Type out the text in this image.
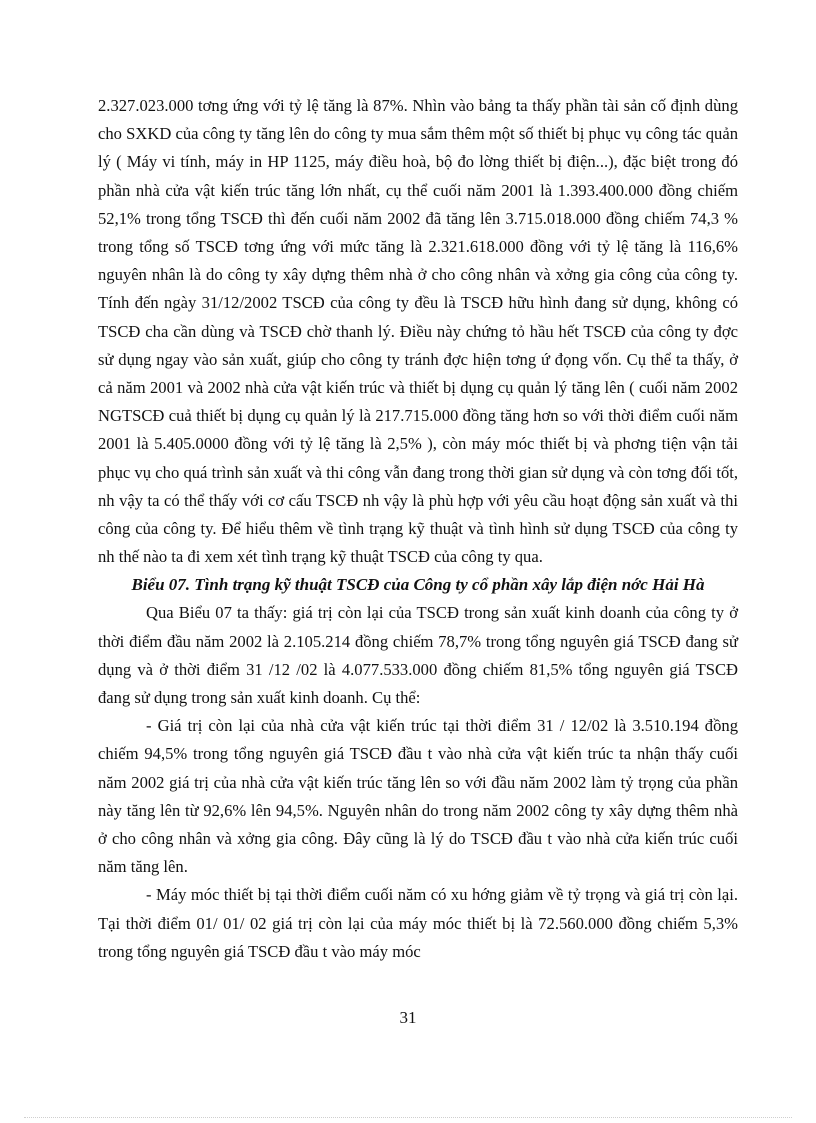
2.327.023.000 tơng ứng với tỷ lệ tăng là 87%. Nhìn vào bảng ta thấy phần tài sản cố định dùng cho SXKD của công ty tăng lên do công ty mua sắm thêm một số thiết bị phục vụ công tác quản lý ( Máy vi tính, máy in HP 1125, máy điều hoà, bộ đo lờng thiết bị điện...), đặc biệt trong đó phần nhà cửa vật kiến trúc tăng lớn nhất, cụ thể cuối năm 2001 là 1.393.400.000 đồng chiếm 52,1% trong tổng TSCĐ thì đến cuối năm 2002 đã tăng lên 3.715.018.000 đồng chiếm 74,3 % trong tổng số TSCĐ tơng ứng với mức tăng là 2.321.618.000 đồng với tỷ lệ tăng là 116,6% nguyên nhân là do công ty xây dựng thêm nhà ở cho công nhân và xởng gia công của công ty. Tính đến ngày 31/12/2002 TSCĐ của công ty đều là TSCĐ hữu hình đang sử dụng, không có TSCĐ cha cần dùng và TSCĐ chờ thanh lý. Điều này chứng tỏ hầu hết TSCĐ của công ty đợc sử dụng ngay vào sản xuất, giúp cho công ty tránh đợc hiện tơng ứ đọng vốn. Cụ thể ta thấy, ở cả năm 2001 và 2002 nhà cửa vật kiến trúc và thiết bị dụng cụ quản lý tăng lên ( cuối năm 2002 NGTSCĐ cuả thiết bị dụng cụ quản lý là 217.715.000 đồng tăng hơn so với thời điểm cuối năm 2001 là 5.405.0000 đồng với tỷ lệ tăng là 2,5% ), còn máy móc thiết bị và phơng tiện vận tải phục vụ cho quá trình sản xuất và thi công vẫn đang trong thời gian sử dụng và còn tơng đối tốt, nh vậy ta có thể thấy với cơ cấu TSCĐ nh vậy là phù hợp với yêu cầu hoạt động sản xuất và thi công của công ty. Để hiểu thêm về tình trạng kỹ thuật và tình hình sử dụng TSCĐ của công ty nh thế nào ta đi xem xét tình trạng kỹ thuật TSCĐ của công ty qua.

Biểu 07. Tình trạng kỹ thuật TSCĐ của Công ty cổ phần xây lắp điện nớc Hải Hà

Qua Biểu 07 ta thấy: giá trị còn lại của TSCĐ trong sản xuất kinh doanh của công ty ở thời điểm đầu năm 2002 là 2.105.214 đồng chiếm 78,7% trong tổng nguyên giá TSCĐ đang sử dụng và ở thời điểm 31 /12 /02 là 4.077.533.000 đồng chiếm 81,5% tổng nguyên giá TSCĐ đang sử dụng trong sản xuất kinh doanh. Cụ thể:

- Giá trị còn lại của nhà cửa vật kiến trúc tại thời điểm 31 / 12/02 là 3.510.194 đồng chiếm 94,5% trong tổng nguyên giá TSCĐ đầu t vào nhà cửa vật kiến trúc ta nhận thấy cuối năm 2002 giá trị của nhà cửa vật kiến trúc tăng lên so với đầu năm 2002 làm tỷ trọng của phần này tăng lên từ 92,6% lên 94,5%. Nguyên nhân do trong năm 2002 công ty xây dựng thêm nhà ở cho công nhân và xởng gia công. Đây cũng là lý do TSCĐ đầu t vào nhà cửa kiến trúc cuối năm tăng lên.

- Máy móc thiết bị tại thời điểm cuối năm có xu hớng giảm về tỷ trọng và giá trị còn lại. Tại thời điểm 01/ 01/ 02 giá trị còn lại của máy móc thiết bị là 72.560.000 đồng chiếm 5,3% trong tổng nguyên giá TSCĐ đầu t vào máy móc

31
